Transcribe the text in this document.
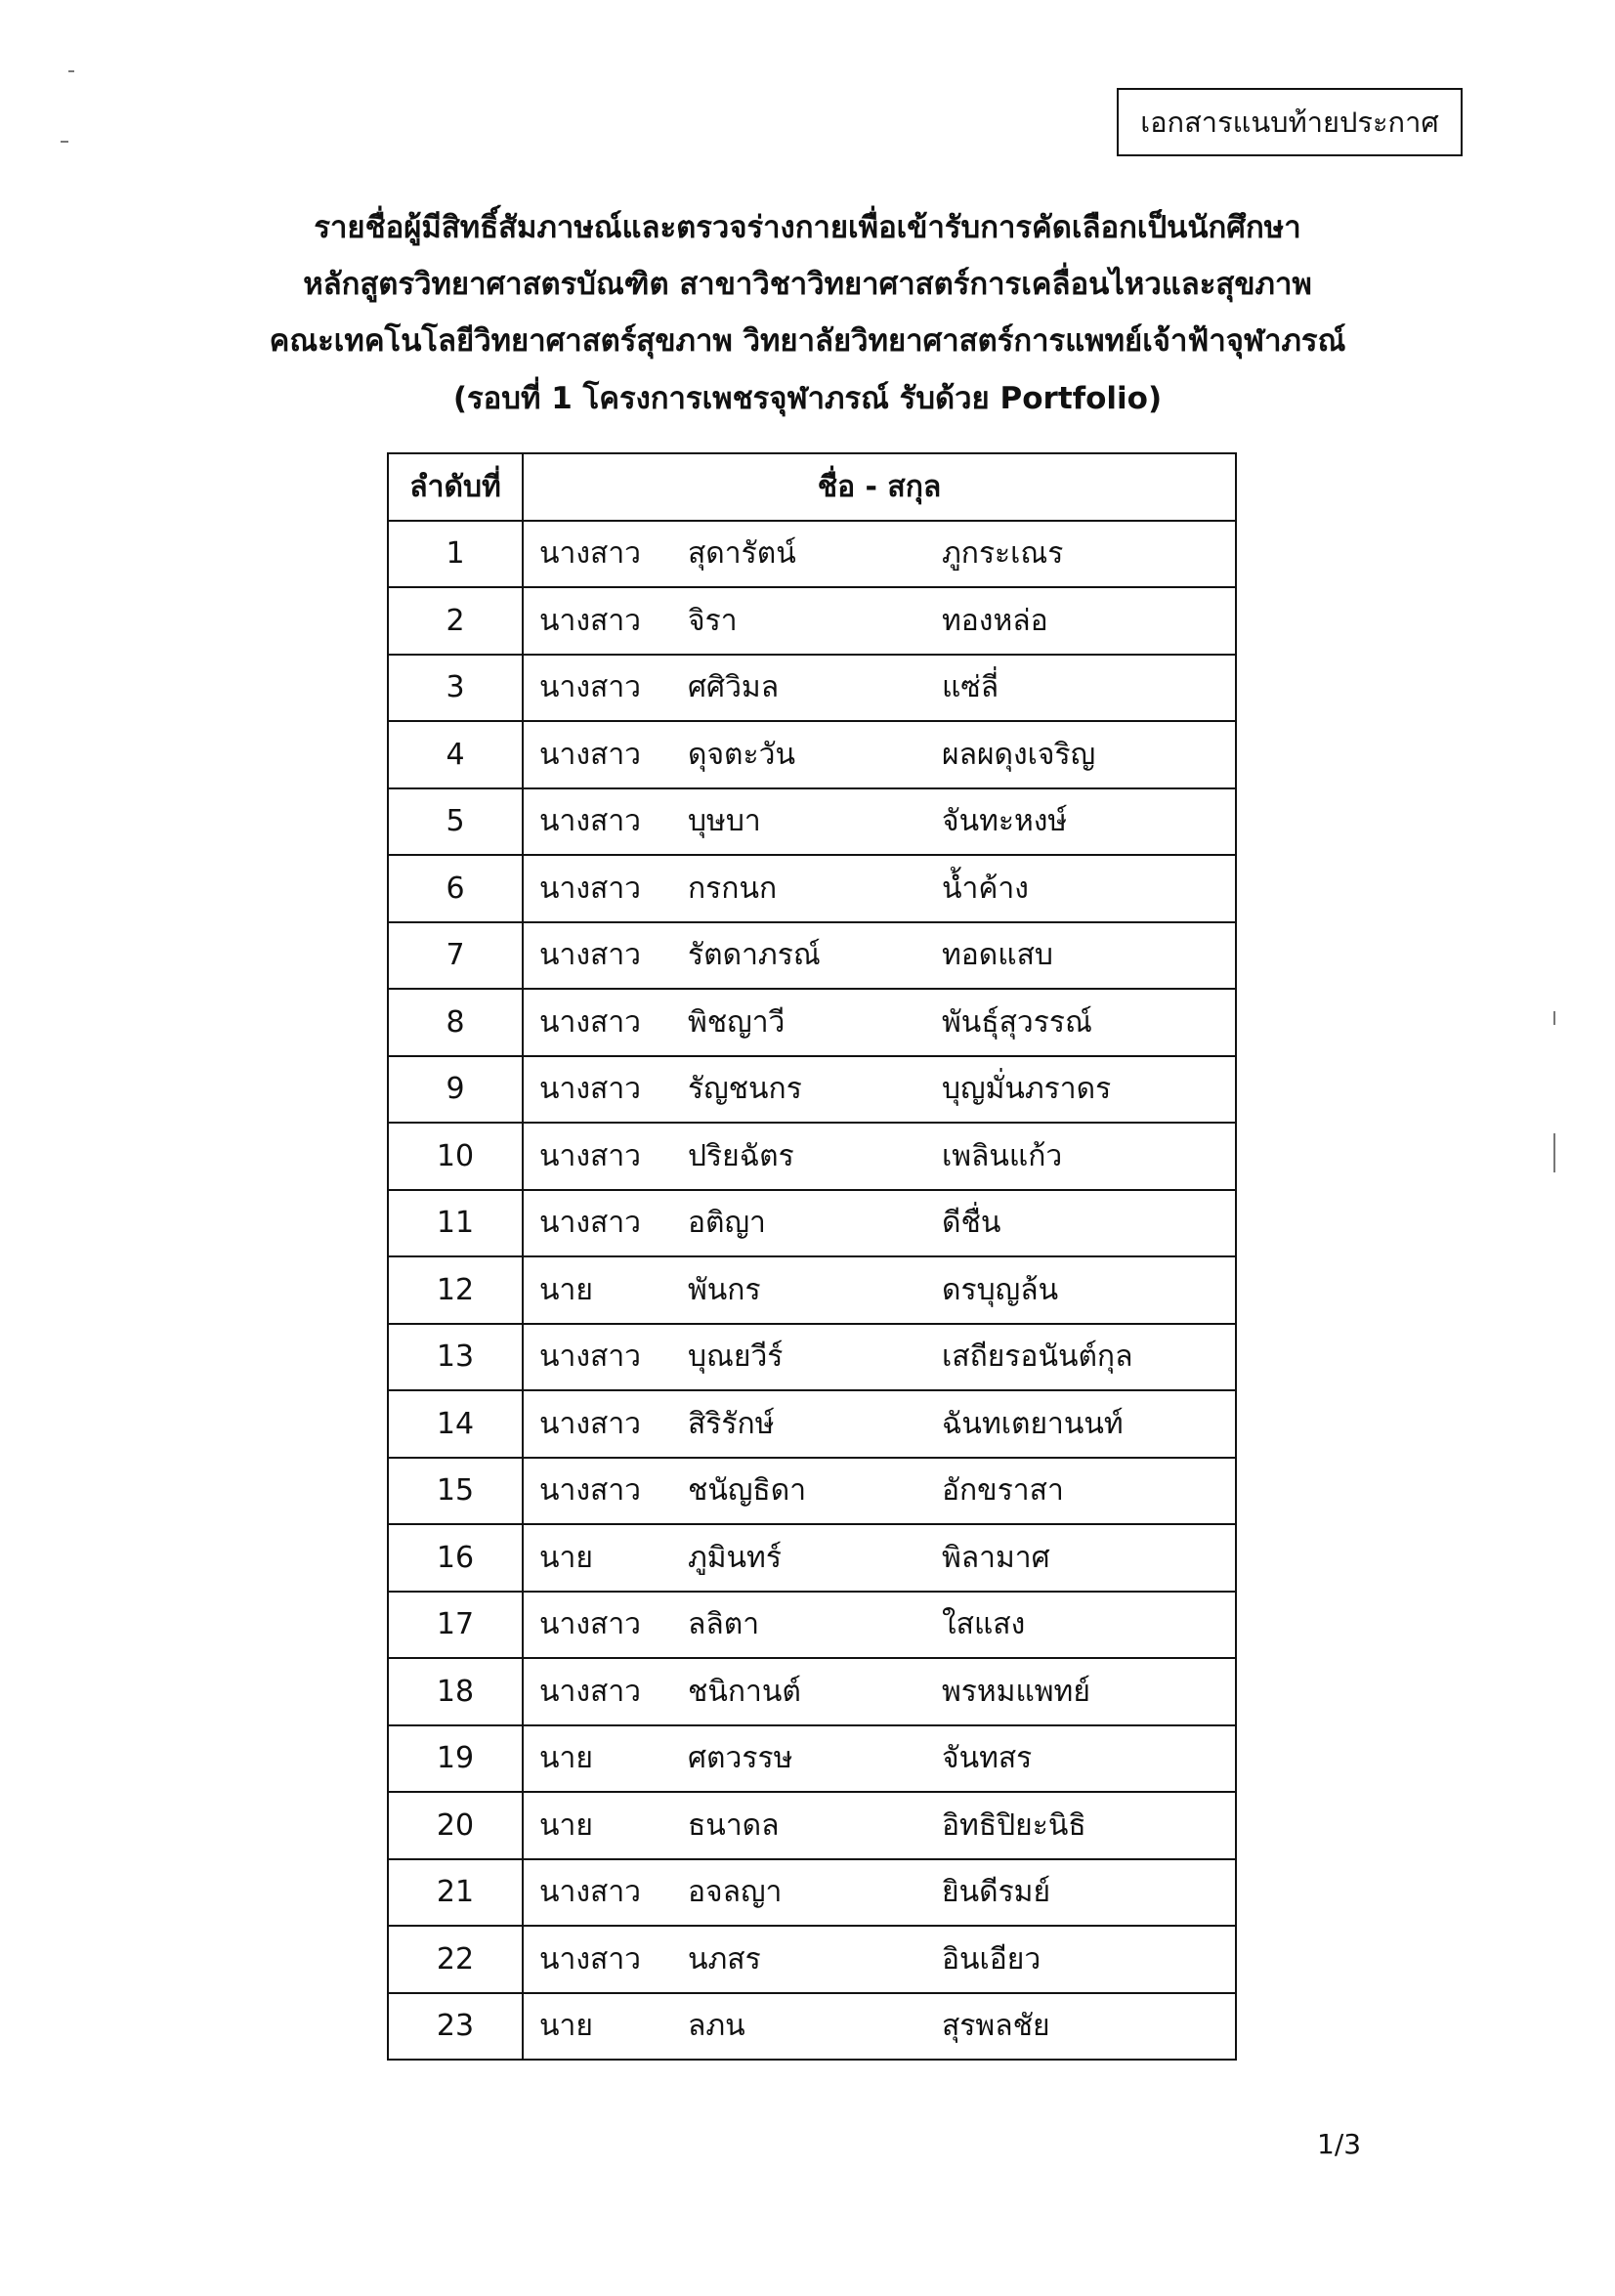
เอกสารแนบท้ายประกาศ
รายชื่อผู้มีสิทธิ์สัมภาษณ์และตรวจร่างกายเพื่อเข้ารับการคัดเลือกเป็นนักศึกษา
หลักสูตรวิทยาศาสตรบัณฑิต สาขาวิชาวิทยาศาสตร์การเคลื่อนไหวและสุขภาพ
คณะเทคโนโลยีวิทยาศาสตร์สุขภาพ วิทยาลัยวิทยาศาสตร์การแพทย์เจ้าฟ้าจุฬาภรณ์
(รอบที่ 1 โครงการเพชรจุฬาภรณ์ รับด้วย Portfolio)
ลำดับที่	ชื่อ - สกุล
1	นางสาว สุดารัตน์ ภูกระเณร

2	นางสาว จิรา ทองหล่อ

3	นางสาว ศศิวิมล แซ่ลี่

4	นางสาว ดุจตะวัน ผลผดุงเจริญ

5	นางสาว บุษบา จันทะหงษ์

6	นางสาว กรกนก น้ำค้าง

7	นางสาว รัตดาภรณ์ ทอดแสบ

8	นางสาว พิชญาวี พันธุ์สุวรรณ์

9	นางสาว รัญชนกร บุญมั่นภราดร

10	นางสาว ปริยฉัตร เพลินแก้ว

11	นางสาว อติญา ดีชื่น

12	นาย พันกร ดรบุญล้น

13	นางสาว บุณยวีร์ เสถียรอนันต์กุล

14	นางสาว สิริรักษ์ ฉันทเตยานนท์

15	นางสาว ชนัญธิดา อักขราสา

16	นาย ภูมินทร์ พิลามาศ

17	นางสาว ลลิตา ใสแสง

18	นางสาว ชนิกานต์ พรหมแพทย์

19	นาย ศตวรรษ จันทสร

20	นาย ธนาดล อิทธิปิยะนิธิ

21	นางสาว อจลญา ยินดีรมย์

22	นางสาว นภสร อินเอียว

23	นาย ลภน สุรพลชัย
1/3
